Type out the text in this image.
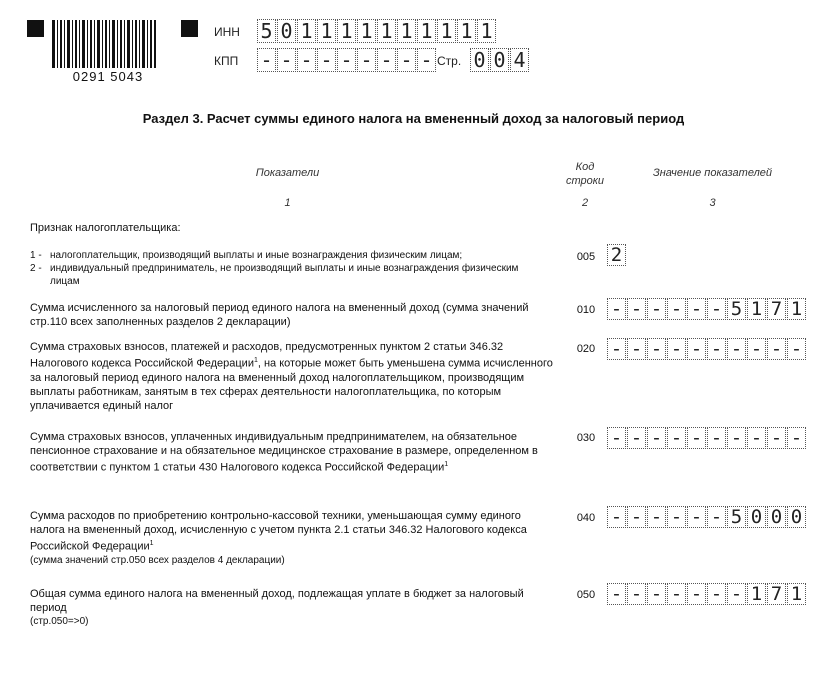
0291 5043
ИНН 5 0 1 1 1 1 1 1 1 1 1 1
КПП - - - - - - - - - Стр. 0 0 4
Раздел 3. Расчет суммы единого налога на вмененный доход за налоговый период
Показатели	Код
строки
Значение показателей
1	2	3
Признак налогоплательщика:
1 - налогоплательщик, производящий выплаты и иные вознаграждения физическим лицам;
2 - индивидуальный предприниматель, не производящий выплаты и иные вознаграждения физическим лицам
005 2
Сумма исчисленного за налоговый период единого налога на вмененный доход (сумма значений стр.110 всех заполненных разделов 2 декларации)
010 - - - - - - 5 1 7 1
Сумма страховых взносов, платежей и расходов, предусмотренных пунктом 2 статьи 346.32 Налогового кодекса Российской Федерации$^1$, на которые может быть уменьшена сумма исчисленного за налоговый период единого налога на вмененный доход налогоплательщиком, производящим выплаты работникам, занятым в тех сферах деятельности налогоплательщика, по которым уплачивается единый налог
020 - - - - - - - - - -
Сумма страховых взносов, уплаченных индивидуальным предпринимателем, на обязательное пенсионное страхование и на обязательное медицинское страхование в размере, определенном в соответствии с пунктом 1 статьи 430 Налогового кодекса Российской Федерации$^1$
030 - - - - - - - - - -
Сумма расходов по приобретению контрольно-кассовой техники, уменьшающая сумму единого налога на вмененный доход, исчисленную с учетом пункта 2.1 статьи 346.32 Налогового кодекса Российской Федерации$^1$
(сумма значений стр.050 всех разделов 4 декларации)
040 - - - - - - 5 0 0 0
Общая сумма единого налога на вмененный доход, подлежащая уплате в бюджет за налоговый период
(стр.050=>0)
050 - - - - - - - 1 7 1
